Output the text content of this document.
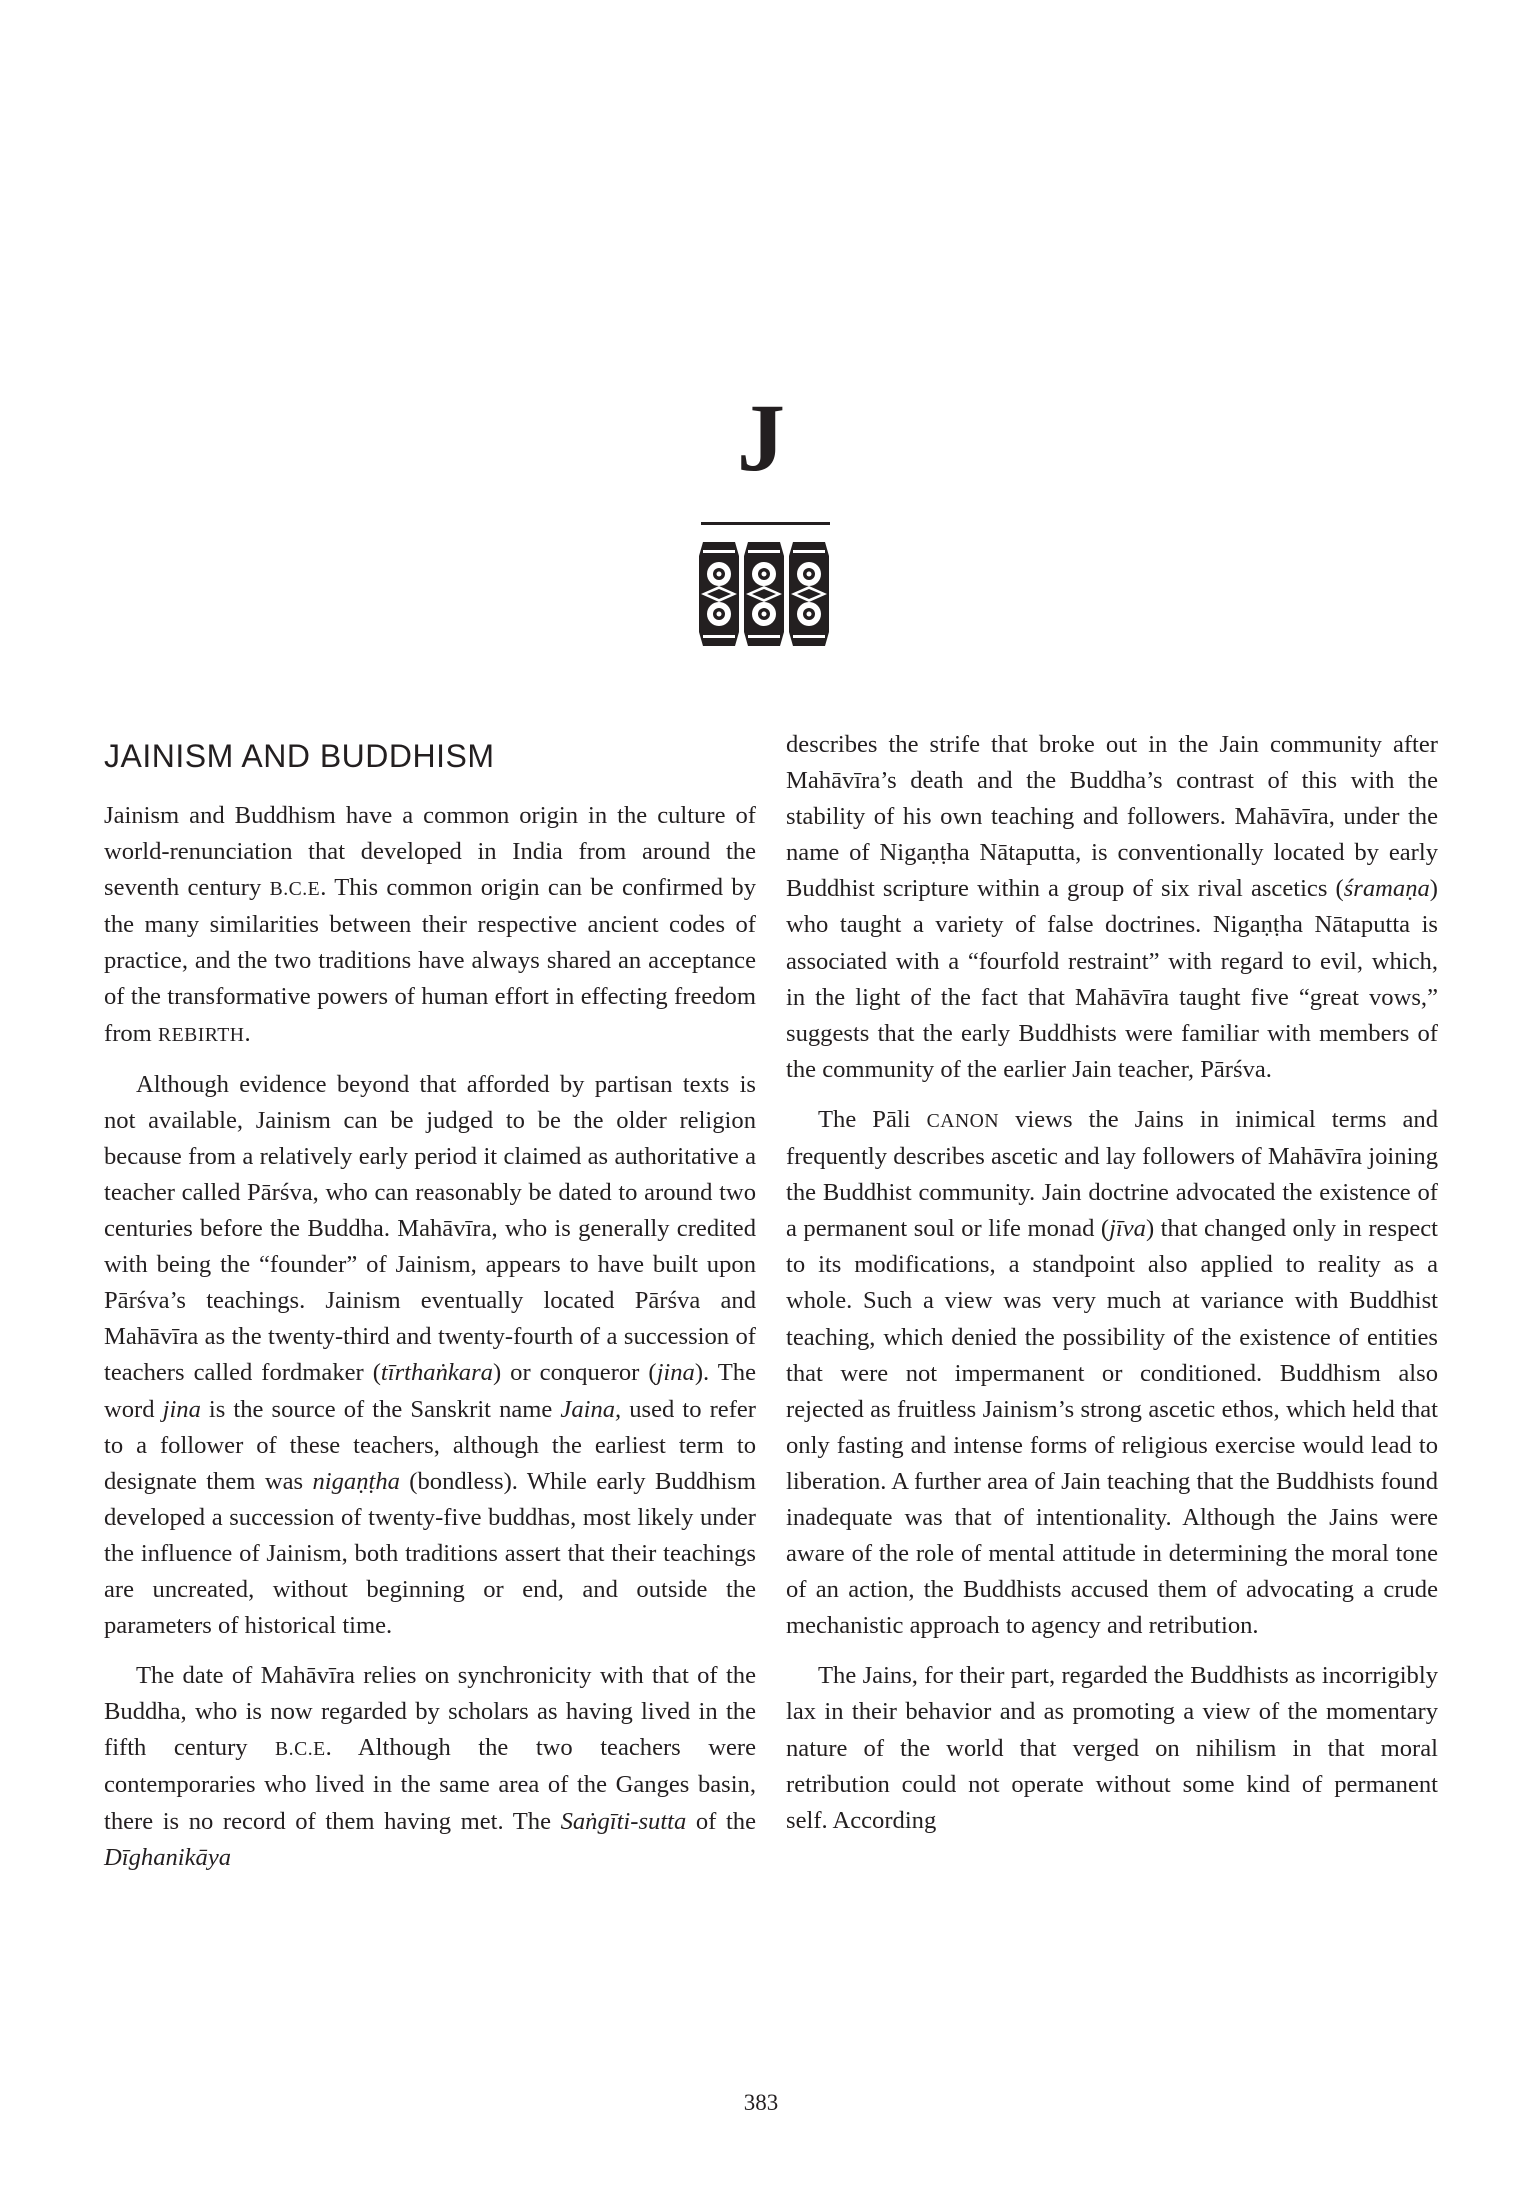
J
JAINISM AND BUDDHISM

Jainism and Buddhism have a common origin in the culture of world-renunciation that developed in India from around the seventh century B.C.E. This common origin can be confirmed by the many similarities between their respective ancient codes of practice, and the two traditions have always shared an acceptance of the transformative powers of human effort in effecting freedom from REBIRTH.

Although evidence beyond that afforded by partisan texts is not available, Jainism can be judged to be the older religion because from a relatively early period it claimed as authoritative a teacher called Pārśva, who can reasonably be dated to around two centuries before the Buddha. Mahāvīra, who is generally credited with being the “founder” of Jainism, appears to have built upon Pārśva’s teachings. Jainism eventually located Pārśva and Mahāvīra as the twenty-third and twenty-fourth of a succession of teachers called fordmaker (tīrthaṅkara) or conqueror (jina). The word jina is the source of the Sanskrit name Jaina, used to refer to a follower of these teachers, although the earliest term to designate them was nigaṇṭha (bondless). While early Buddhism developed a succession of twenty-five buddhas, most likely under the influence of Jainism, both traditions assert that their teachings are uncreated, without beginning or end, and outside the parameters of historical time.

The date of Mahāvīra relies on synchronicity with that of the Buddha, who is now regarded by scholars as having lived in the fifth century B.C.E. Although the two teachers were contemporaries who lived in the same area of the Ganges basin, there is no record of them having met. The Saṅgīti-sutta of the Dīghanikāya

describes the strife that broke out in the Jain community after Mahāvīra’s death and the Buddha’s contrast of this with the stability of his own teaching and followers. Mahāvīra, under the name of Nigaṇṭha Nātaputta, is conventionally located by early Buddhist scripture within a group of six rival ascetics (śramaṇa) who taught a variety of false doctrines. Nigaṇṭha Nātaputta is associated with a “fourfold restraint” with regard to evil, which, in the light of the fact that Mahāvīra taught five “great vows,” suggests that the early Buddhists were familiar with members of the community of the earlier Jain teacher, Pārśva.

The Pāli CANON views the Jains in inimical terms and frequently describes ascetic and lay followers of Mahāvīra joining the Buddhist community. Jain doctrine advocated the existence of a permanent soul or life monad (jīva) that changed only in respect to its modifications, a standpoint also applied to reality as a whole. Such a view was very much at variance with Buddhist teaching, which denied the possibility of the existence of entities that were not impermanent or conditioned. Buddhism also rejected as fruitless Jainism’s strong ascetic ethos, which held that only fasting and intense forms of religious exercise would lead to liberation. A further area of Jain teaching that the Buddhists found inadequate was that of intentionality. Although the Jains were aware of the role of mental attitude in determining the moral tone of an action, the Buddhists accused them of advocating a crude mechanistic approach to agency and retribution.

The Jains, for their part, regarded the Buddhists as incorrigibly lax in their behavior and as promoting a view of the momentary nature of the world that verged on nihilism in that moral retribution could not operate without some kind of permanent self. According

383
